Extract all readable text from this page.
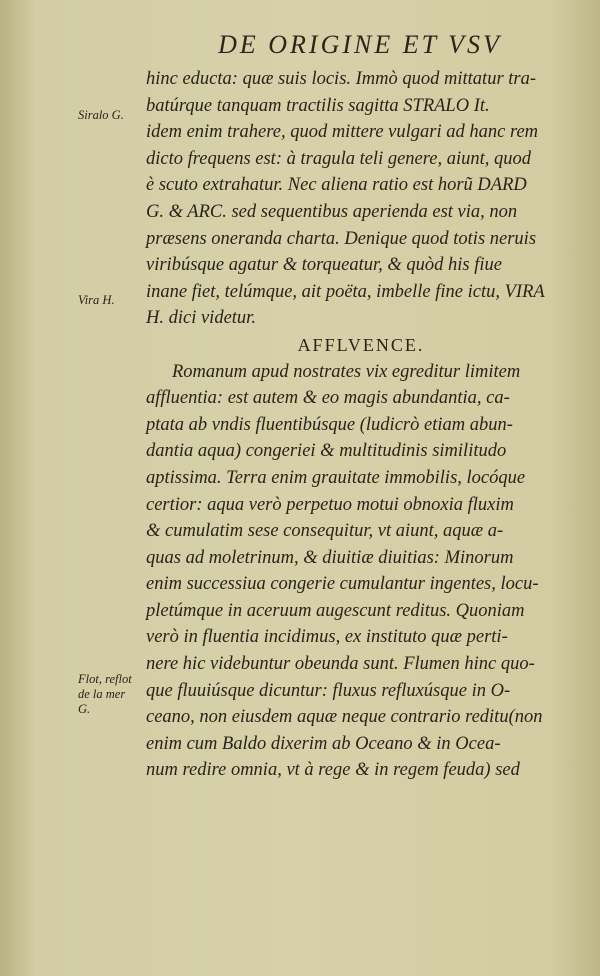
DE ORIGINE ET VSV
Siralo G.
Vira H.
Flot, reflot
de la mer
G.
hinc educta: quæ suis locis. Immò quod mittatur tra-
batúrque tanquam tractilis sagitta STRALO It.
idem enim trahere, quod mittere vulgari ad hanc rem
dicto frequens est: à tragula teli genere, aiunt, quod
è scuto extrahatur. Nec aliena ratio est horũ DARD
G. & ARC. sed sequentibus aperienda est via, non
præsens oneranda charta. Denique quod totis neruis
viribúsque agatur & torqueatur, & quòd his fiue
inane fiet, telúmque, ait poëta, imbelle fine ictu, VIRA
H. dici videtur.
AFFLVENCE.
Romanum apud nostrates vix egreditur limitem
affluentia: est autem & eo magis abundantia, ca-
ptata ab vndis fluentibúsque (ludicrò etiam abun-
dantia aqua) congeriei & multitudinis similitudo
aptissima. Terra enim grauitate immobilis, locóque
certior: aqua verò perpetuo motui obnoxia fluxim
& cumulatim sese consequitur, vt aiunt, aquæ a-
quas ad moletrinum, & diuitiæ diuitias: Minorum
enim successiua congerie cumulantur ingentes, locu-
pletúmque in aceruum augescunt reditus. Quoniam
verò in fluentia incidimus, ex instituto quæ perti-
nere hic videbuntur obeunda sunt. Flumen hinc quo-
que fluuiúsque dicuntur: fluxus refluxúsque in O-
ceano, non eiusdem aquæ neque contrario reditu(non
enim cum Baldo dixerim ab Oceano & in Ocea-
num redire omnia, vt à rege & in regem feuda) sed
